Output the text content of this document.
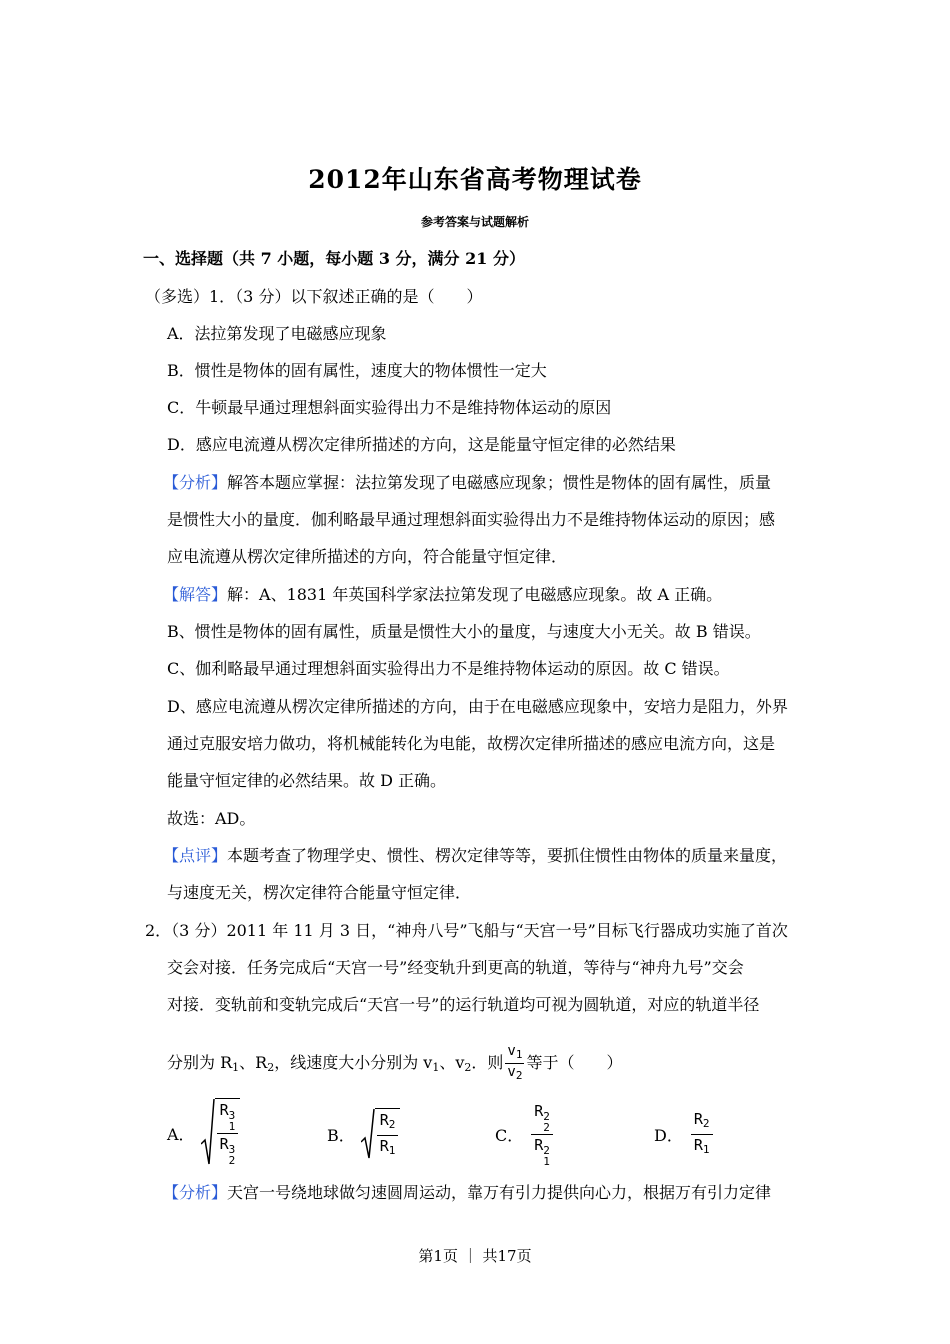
2012年山东省高考物理试卷
参考答案与试题解析
一、选择题（共 7 小题，每小题 3 分，满分 21 分）
（多选）1．（3 分）以下叙述正确的是（　　）
A．法拉第发现了电磁感应现象
B．惯性是物体的固有属性，速度大的物体惯性一定大
C．牛顿最早通过理想斜面实验得出力不是维持物体运动的原因
D．感应电流遵从楞次定律所描述的方向，这是能量守恒定律的必然结果
【分析】解答本题应掌握：法拉第发现了电磁感应现象；惯性是物体的固有属性，质量
是惯性大小的量度．伽利略最早通过理想斜面实验得出力不是维持物体运动的原因；感
应电流遵从楞次定律所描述的方向，符合能量守恒定律．
【解答】解：A、1831 年英国科学家法拉第发现了电磁感应现象。故 A 正确。
B、惯性是物体的固有属性，质量是惯性大小的量度，与速度大小无关。故 B 错误。
C、伽利略最早通过理想斜面实验得出力不是维持物体运动的原因。故 C 错误。
D、感应电流遵从楞次定律所描述的方向，由于在电磁感应现象中，安培力是阻力，外界
通过克服安培力做功，将机械能转化为电能，故楞次定律所描述的感应电流方向，这是
能量守恒定律的必然结果。故 D 正确。
故选：AD。
【点评】本题考查了物理学史、惯性、楞次定律等等，要抓住惯性由物体的质量来量度，
与速度无关，楞次定律符合能量守恒定律．
2．（3 分）2011 年 11 月 3 日，“神舟八号”飞船与“天宫一号”目标飞行器成功实施了首次
交会对接．任务完成后“天宫一号”经变轨升到更高的轨道，等待与“神舟九号”交会
对接．变轨前和变轨完成后“天宫一号”的运行轨道均可视为圆轨道，对应的轨道半径
分别为 $R_1$、$R_2$，线速度大小分别为 $v_1$、$v_2$．则 $\frac{v_1}{v_2}$ 等于（　　）
A． R 3
1
R 3
2	B． $\frac{R_2}{R_1}$	C．
R 2
2
R 2
1
D．
$R_2$
$R_1$
【分析】天宫一号绕地球做匀速圆周运动，靠万有引力提供向心力，根据万有引力定律
第1页 ｜ 共17页
